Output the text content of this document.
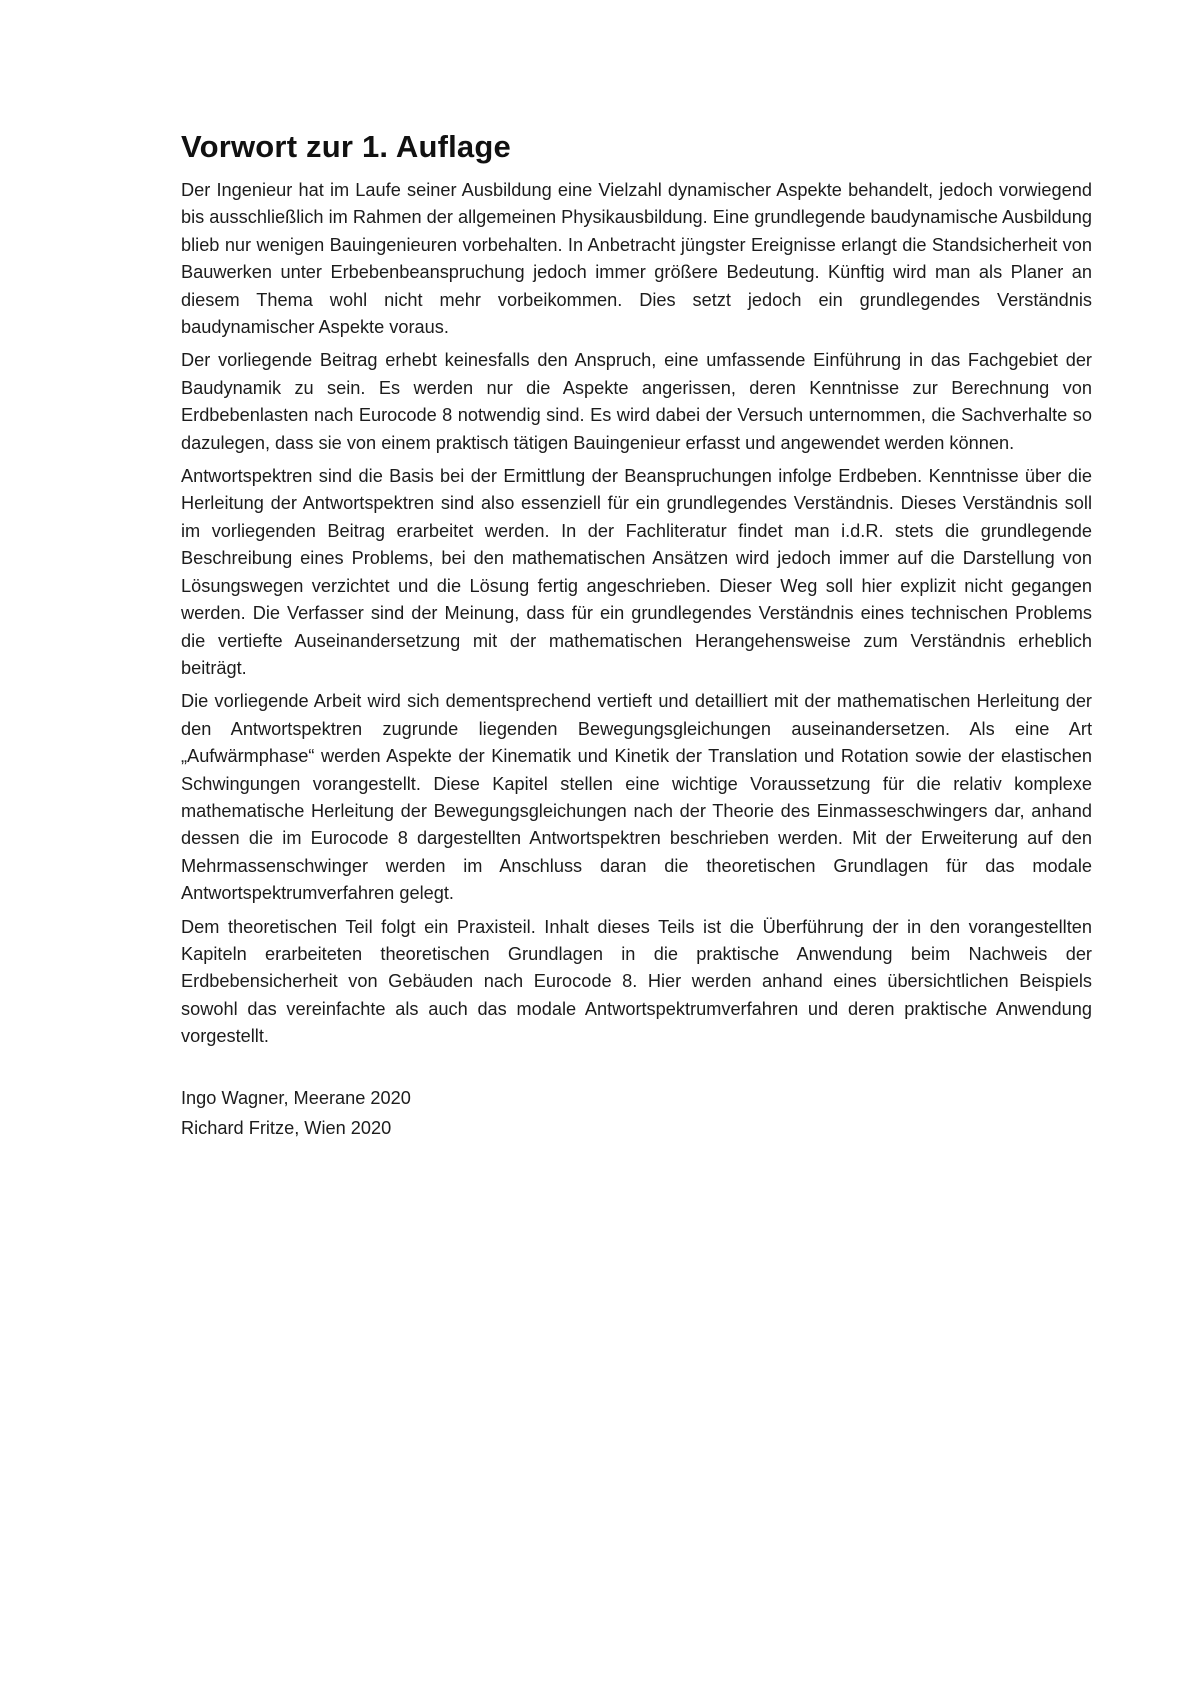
Vorwort zur 1. Auflage

Der Ingenieur hat im Laufe seiner Ausbildung eine Vielzahl dynamischer Aspekte behandelt, jedoch vorwiegend bis ausschließlich im Rahmen der allgemeinen Physikausbildung. Eine grundlegende baudynamische Ausbildung blieb nur wenigen Bauingenieuren vorbehalten. In Anbetracht jüngster Ereignisse erlangt die Standsicherheit von Bauwerken unter Erbebenbeanspruchung jedoch immer größere Bedeutung. Künftig wird man als Planer an diesem Thema wohl nicht mehr vorbeikommen. Dies setzt jedoch ein grundlegendes Verständnis baudynamischer Aspekte voraus.

Der vorliegende Beitrag erhebt keinesfalls den Anspruch, eine umfassende Einführung in das Fachgebiet der Baudynamik zu sein. Es werden nur die Aspekte angerissen, deren Kenntnisse zur Berechnung von Erdbebenlasten nach Eurocode 8 notwendig sind. Es wird dabei der Versuch unternommen, die Sachverhalte so dazulegen, dass sie von einem praktisch tätigen Bauingenieur erfasst und angewendet werden können.

Antwortspektren sind die Basis bei der Ermittlung der Beanspruchungen infolge Erdbeben. Kenntnisse über die Herleitung der Antwortspektren sind also essenziell für ein grundlegendes Verständnis. Dieses Verständnis soll im vorliegenden Beitrag erarbeitet werden. In der Fachliteratur findet man i.d.R. stets die grundlegende Beschreibung eines Problems, bei den mathematischen Ansätzen wird jedoch immer auf die Darstellung von Lösungswegen verzichtet und die Lösung fertig angeschrieben. Dieser Weg soll hier explizit nicht gegangen werden. Die Verfasser sind der Meinung, dass für ein grundlegendes Verständnis eines technischen Problems die vertiefte Auseinandersetzung mit der mathematischen Herangehensweise zum Verständnis erheblich beiträgt.

Die vorliegende Arbeit wird sich dementsprechend vertieft und detailliert mit der mathematischen Herleitung der den Antwortspektren zugrunde liegenden Bewegungsgleichungen auseinandersetzen. Als eine Art „Aufwärmphase“ werden Aspekte der Kinematik und Kinetik der Translation und Rotation sowie der elastischen Schwingungen vorangestellt. Diese Kapitel stellen eine wichtige Voraussetzung für die relativ komplexe mathematische Herleitung der Bewegungsgleichungen nach der Theorie des Einmasseschwingers dar, anhand dessen die im Eurocode 8 dargestellten Antwortspektren beschrieben werden. Mit der Erweiterung auf den Mehrmassenschwinger werden im Anschluss daran die theoretischen Grundlagen für das modale Antwortspektrumverfahren gelegt.

Dem theoretischen Teil folgt ein Praxisteil. Inhalt dieses Teils ist die Überführung der in den vorangestellten Kapiteln erarbeiteten theoretischen Grundlagen in die praktische Anwendung beim Nachweis der Erdbebensicherheit von Gebäuden nach Eurocode 8. Hier werden anhand eines übersichtlichen Beispiels sowohl das vereinfachte als auch das modale Antwortspektrumverfahren und deren praktische Anwendung vorgestellt.

Ingo Wagner, Meerane 2020

Richard Fritze, Wien 2020
